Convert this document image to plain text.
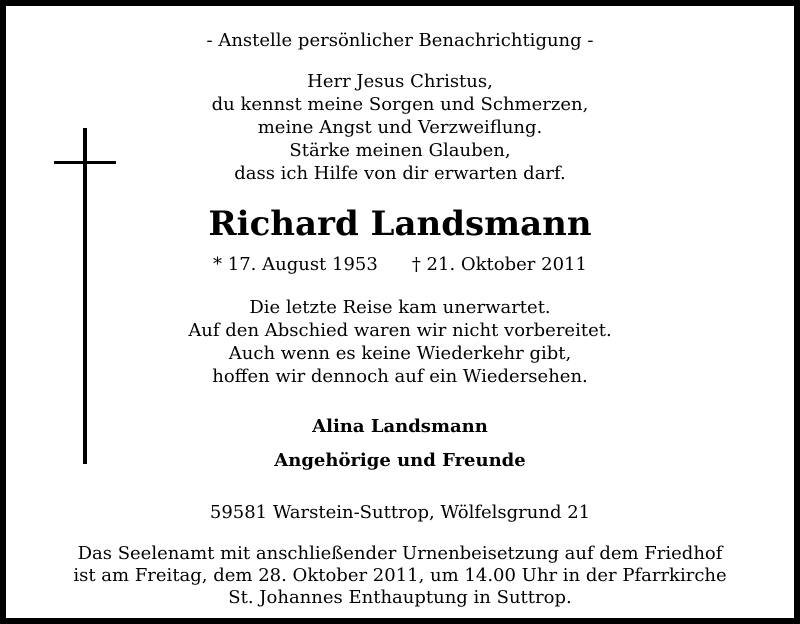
- Anstelle persönlicher Benachrichtigung -
Herr Jesus Christus,
du kennst meine Sorgen und Schmerzen,
meine Angst und Verzweiflung.
Stärke meinen Glauben,
dass ich Hilfe von dir erwarten darf.
Richard Landsmann
* 17. August 1953 † 21. Oktober 2011
Die letzte Reise kam unerwartet.
Auf den Abschied waren wir nicht vorbereitet.
Auch wenn es keine Wiederkehr gibt,
hoffen wir dennoch auf ein Wiedersehen.
Alina Landsmann
Angehörige und Freunde
59581 Warstein-Suttrop, Wölfelsgrund 21
Das Seelenamt mit anschließender Urnenbeisetzung auf dem Friedhof
ist am Freitag, dem 28. Oktober 2011, um 14.00 Uhr in der Pfarrkirche
St. Johannes Enthauptung in Suttrop.
